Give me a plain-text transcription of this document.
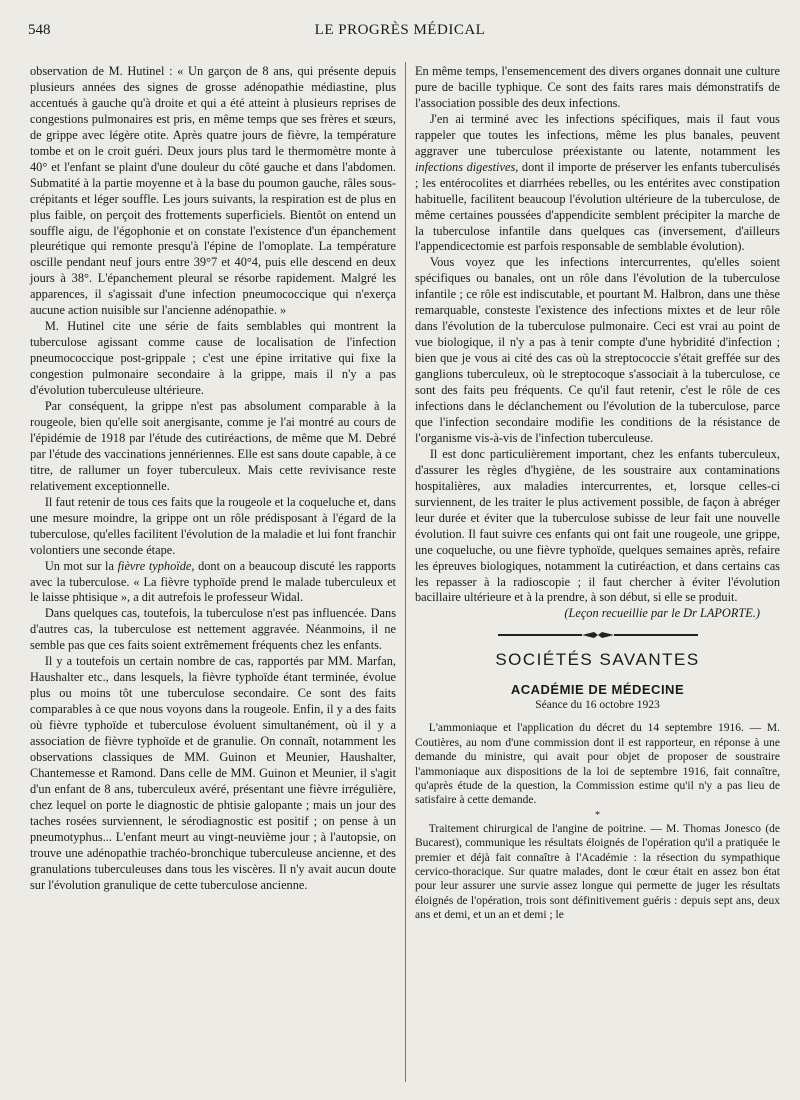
548	LE PROGRÈS MÉDICAL

observation de M. Hutinel : « Un garçon de 8 ans, qui présente depuis plusieurs années des signes de grosse adénopathie médiastine, plus accentués à gauche qu'à droite et qui a été atteint à plusieurs reprises de congestions pulmonaires est pris, en même temps que ses frères et sœurs, de grippe avec légère otite. Après quatre jours de fièvre, la température tombe et on le croit guéri. Deux jours plus tard le thermomètre monte à 40° et l'enfant se plaint d'une douleur du côté gauche et dans l'abdomen. Submatité à la partie moyenne et à la base du poumon gauche, râles sous-crépitants et léger souffle. Les jours suivants, la respiration est de plus en plus faible, on perçoit des frottements superficiels. Bientôt on entend un souffle aigu, de l'égophonie et on constate l'existence d'un épanchement pleurétique qui remonte presqu'à l'épine de l'omoplate. La température oscille pendant neuf jours entre 39°7 et 40°4, puis elle descend en deux jours à 38°. L'épanchement pleural se résorbe rapidement. Malgré les apparences, il s'agissait d'une infection pneumococcique qui n'exerça aucune action nuisible sur l'ancienne adénopathie. »

M. Hutinel cite une série de faits semblables qui montrent la tuberculose agissant comme cause de localisation de l'infection pneumococcique post-grippale ; c'est une épine irritative qui fixe la congestion pulmonaire secondaire à la grippe, mais il n'y a pas d'évolution tuberculeuse ultérieure.

Par conséquent, la grippe n'est pas absolument comparable à la rougeole, bien qu'elle soit anergisante, comme je l'ai montré au cours de l'épidémie de 1918 par l'étude des cutiréactions, de même que M. Debré par l'étude des vaccinations jennériennes. Elle est sans doute capable, à ce titre, de rallumer un foyer tuberculeux. Mais cette revivisance reste relativement exceptionnelle.

Il faut retenir de tous ces faits que la rougeole et la coqueluche et, dans une mesure moindre, la grippe ont un rôle prédisposant à l'égard de la tuberculose, qu'elles facilitent l'évolution de la maladie et lui font franchir volontiers une seconde étape.

Un mot sur la fièvre typhoïde, dont on a beaucoup discuté les rapports avec la tuberculose. « La fièvre typhoïde prend le malade tuberculeux et le laisse phtisique », a dit autrefois le professeur Widal.

Dans quelques cas, toutefois, la tuberculose n'est pas influencée. Dans d'autres cas, la tuberculose est nettement aggravée. Néanmoins, il ne semble pas que ces faits soient extrêmement fréquents chez les enfants.

Il y a toutefois un certain nombre de cas, rapportés par MM. Marfan, Haushalter etc., dans lesquels, la fièvre typhoïde étant terminée, évolue plus ou moins tôt une tuberculose secondaire. Ce sont des faits comparables à ce que nous voyons dans la rougeole. Enfin, il y a des faits où fièvre typhoïde et tuberculose évoluent simultanément, où il y a association de fièvre typhoïde et de granulie. On connaît, notamment les observations classiques de MM. Guinon et Meunier, Haushalter, Chantemesse et Ramond. Dans celle de MM. Guinon et Meunier, il s'agit d'un enfant de 8 ans, tuberculeux avéré, présentant une fièvre irrégulière, chez lequel on porte le diagnostic de phtisie galopante ; mais un jour des taches rosées surviennent, le sérodiagnostic est positif ; on pense à un pneumotyphus... L'enfant meurt au vingt-neuvième jour ; à l'autopsie, on trouve une adénopathie trachéo-bronchique tuberculeuse ancienne, et des granulations tuberculeuses dans tous les viscères. Il n'y avait aucun doute sur l'évolution granulique de cette tuberculose ancienne.

En même temps, l'ensemencement des divers organes donnait une culture pure de bacille typhique. Ce sont des faits rares mais démonstratifs de l'association possible des deux infections.

J'en ai terminé avec les infections spécifiques, mais il faut vous rappeler que toutes les infections, même les plus banales, peuvent aggraver une tuberculose préexistante ou latente, notamment les infections digestives, dont il importe de préserver les enfants tuberculisés ; les entérocolites et diarrhées rebelles, ou les entérites avec constipation habituelle, facilitent beaucoup l'évolution ultérieure de la tuberculose, de même certaines poussées d'appendicite semblent précipiter la marche de la tuberculose infantile dans quelques cas (inversement, d'ailleurs l'appendicectomie est parfois responsable de semblable évolution).

Vous voyez que les infections intercurrentes, qu'elles soient spécifiques ou banales, ont un rôle dans l'évolution de la tuberculose infantile ; ce rôle est indiscutable, et pourtant M. Halbron, dans une thèse remarquable, consteste l'existence des infections mixtes et de leur rôle dans l'évolution de la tuberculose pulmonaire. Ceci est vrai au point de vue biologique, il n'y a pas à tenir compte d'une hybridité d'infection ; bien que je vous ai cité des cas où la streptococcie s'était greffée sur des ganglions tuberculeux, où le streptocoque s'associait à la tuberculose, ce sont des faits peu fréquents. Ce qu'il faut retenir, c'est le rôle de ces infections dans le déclanchement ou l'évolution de la tuberculose, parce que l'infection secondaire modifie les conditions de la résistance de l'organisme vis-à-vis de l'infection tuberculeuse.

Il est donc particulièrement important, chez les enfants tuberculeux, d'assurer les règles d'hygiène, de les soustraire aux contaminations hospitalières, aux maladies intercurrentes, et, lorsque celles-ci surviennent, de les traiter le plus activement possible, de façon à abréger leur durée et éviter que la tuberculose subisse de leur fait une nouvelle évolution. Il faut suivre ces enfants qui ont fait une rougeole, une grippe, une coqueluche, ou une fièvre typhoïde, quelques semaines après, refaire les épreuves biologiques, notamment la cutiréaction, et dans certains cas les repasser à la radioscopie ; il faut chercher à éviter l'évolution bacillaire ultérieure et à la prendre, à son début, si elle se produit.

(Leçon recueillie par le Dr LAPORTE.)

SOCIÉTÉS SAVANTES
ACADÉMIE DE MÉDECINE
Séance du 16 octobre 1923

L'ammoniaque et l'application du décret du 14 septembre 1916. — M. Coutières, au nom d'une commission dont il est rapporteur, en réponse à une demande du ministre, qui avait pour objet de proposer de soustraire l'ammoniaque aux dispositions de la loi de septembre 1916, fait connaître, qu'après étude de la question, la Commission estime qu'il n'y a pas lieu de satisfaire à cette demande.

*

Traitement chirurgical de l'angine de poitrine. — M. Thomas Jonesco (de Bucarest), communique les résultats éloignés de l'opération qu'il a pratiquée le premier et déjà fait connaître à l'Académie : la résection du sympathique cervico-thoracique. Sur quatre malades, dont le cœur était en assez bon état pour leur assurer une survie assez longue qui permette de juger les résultats éloignés de l'opération, trois sont définitivement guéris : depuis sept ans, deux ans et demi, et un an et demi ; le
